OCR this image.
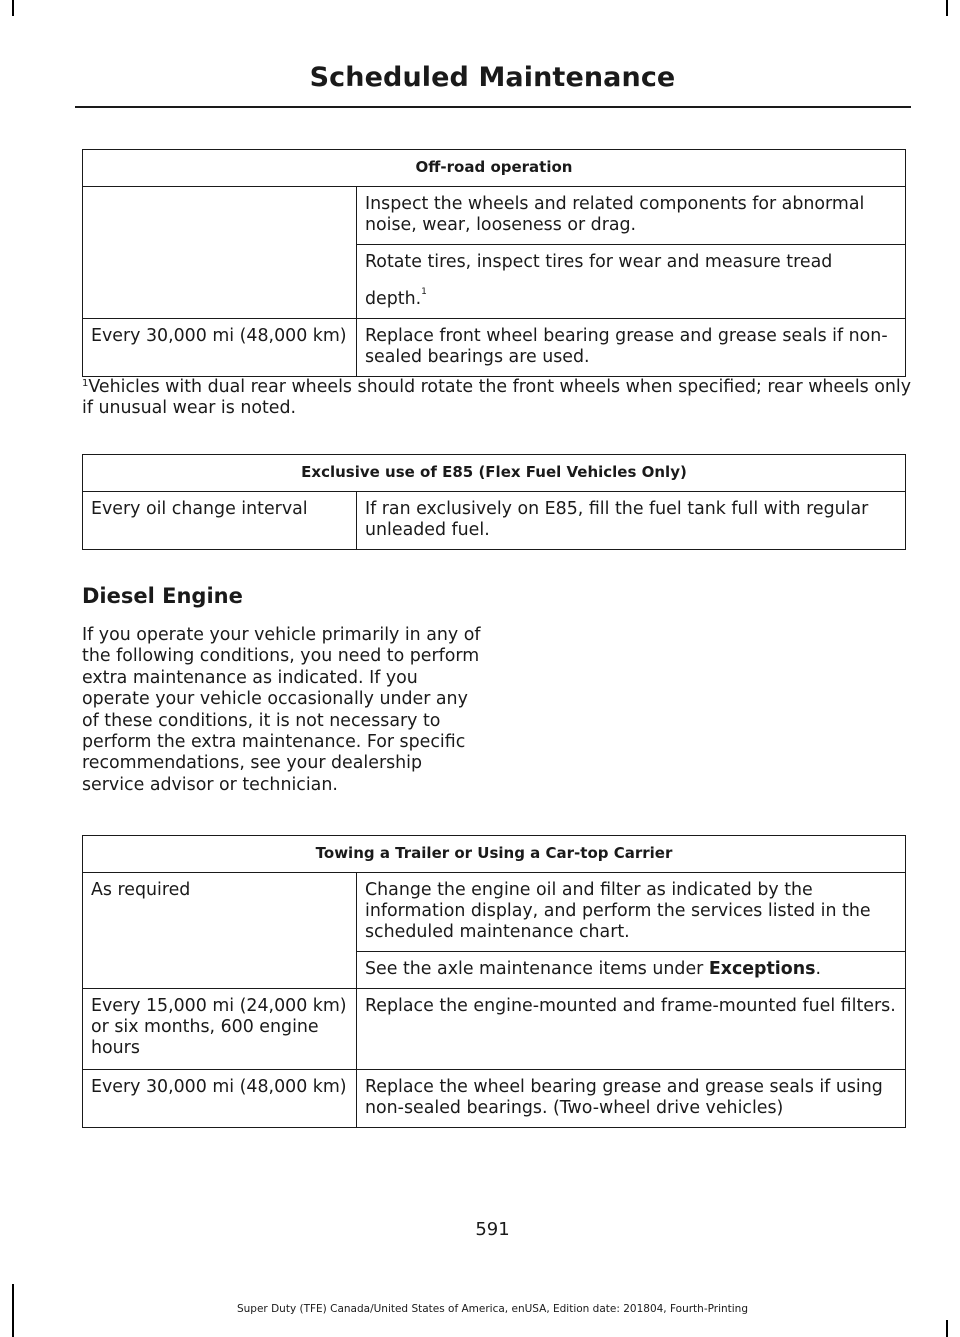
Scheduled Maintenance
Off-road operation	
	Inspect the wheels and related components for abnormal noise, wear, looseness or drag.
	Rotate tires, inspect tires for wear and measure tread depth.$^1$
Every 30,000 mi (48,000 km)	Replace front wheel bearing grease and grease seals if non-sealed bearings are used.
$^1$Vehicles with dual rear wheels should rotate the front wheels when specified; rear wheels only if unusual wear is noted.
Exclusive use of E85 (Flex Fuel Vehicles Only)
Every oil change interval	If ran exclusively on E85, fill the fuel tank full with regular unleaded fuel.
Diesel Engine
If you operate your vehicle primarily in any of the following conditions, you need to perform extra maintenance as indicated. If you operate your vehicle occasionally under any of these conditions, it is not necessary to perform the extra maintenance. For specific recommendations, see your dealership service advisor or technician.
Towing a Trailer or Using a Car-top Carrier	
As required	Change the engine oil and filter as indicated by the information display, and perform the services listed in the scheduled maintenance chart.
	See the axle maintenance items under Exceptions.
Every 15,000 mi (24,000 km) or six months, 600 engine hours	Replace the engine-mounted and frame-mounted fuel filters.
Every 30,000 mi (48,000 km)	Replace the wheel bearing grease and grease seals if using non-sealed bearings. (Two-wheel drive vehicles)
591
Super Duty (TFE) Canada/United States of America, enUSA, Edition date: 201804, Fourth-Printing
